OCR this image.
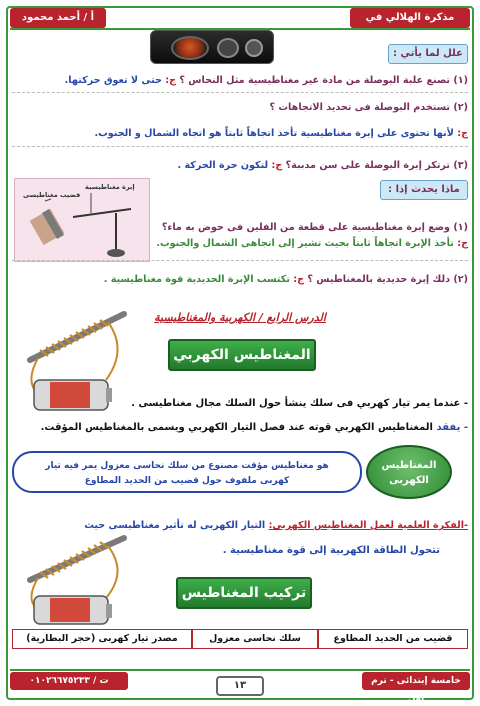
مذكرة الهلالي في العلوم
أ / أحمد محمود شاهين
علل لما يأتي :
(١) تصنع علبة البوصلة من مادة غير مغناطيسية مثل النحاس ؟ ج: حتى لا تعوق حركتها.
(٢) تستخدم البوصلة فى تحديد الاتجاهات ؟
ج: لأنها تحتوى على إبرة مغناطيسية تأخذ اتجاهاً ثابتاً هو اتجاه الشمال و الجنوب.
(٣) ترتكز إبرة البوصلة على سن مدببة؟ ج: لتكون حرة الحركة .
ماذا يحدث إذا :
إبرة مغناطيسية
قضيب مغناطيسى
(١) وضع إبرة مغناطيسية على قطعة من الفلين فى حوض به ماء؟
ج: تأخذ الإبرة اتجاهاً ثابتاً بحيث تشير إلى اتجاهى الشمال والجنوب.
(٢) دلك إبرة حديدية بالمغناطيس ؟ ج: تكتسب الإبرة الحديدية قوة مغناطيسية .
الدرس الرابع / الكهربية والمغناطيسية
المغناطيس الكهربي
- عندما يمر تيار كهربي فى سلك ينشأ حول السلك مجال مغناطيسى .
- يفقد المغناطيس الكهربي قوته عند فصل التيار الكهربي ويسمى بالمغناطيس المؤقت.
المغناطيس
الكهربى
هو مغناطيس مؤقت مصنوع من سلك نحاسى معزول يمر فيه تيار
كهربى ملفوف حول قضيب من الحديد المطاوع
-الفكرة العلمية لعمل المغناطيس الكهربي: التيار الكهربى له تأثير مغناطيسى حيث
تتحول الطاقة الكهربية إلى قوة مغناطيسية .
تركيب المغناطيس
قضيب من الحديد المطاوع
سلك نحاسى معزول
مصدر تيار كهربى (حجر البطارية)
خامسة إبتدائى - ترم أول
ت / ٠١٠٢٦٦٧٥٢٣٣	١٣
